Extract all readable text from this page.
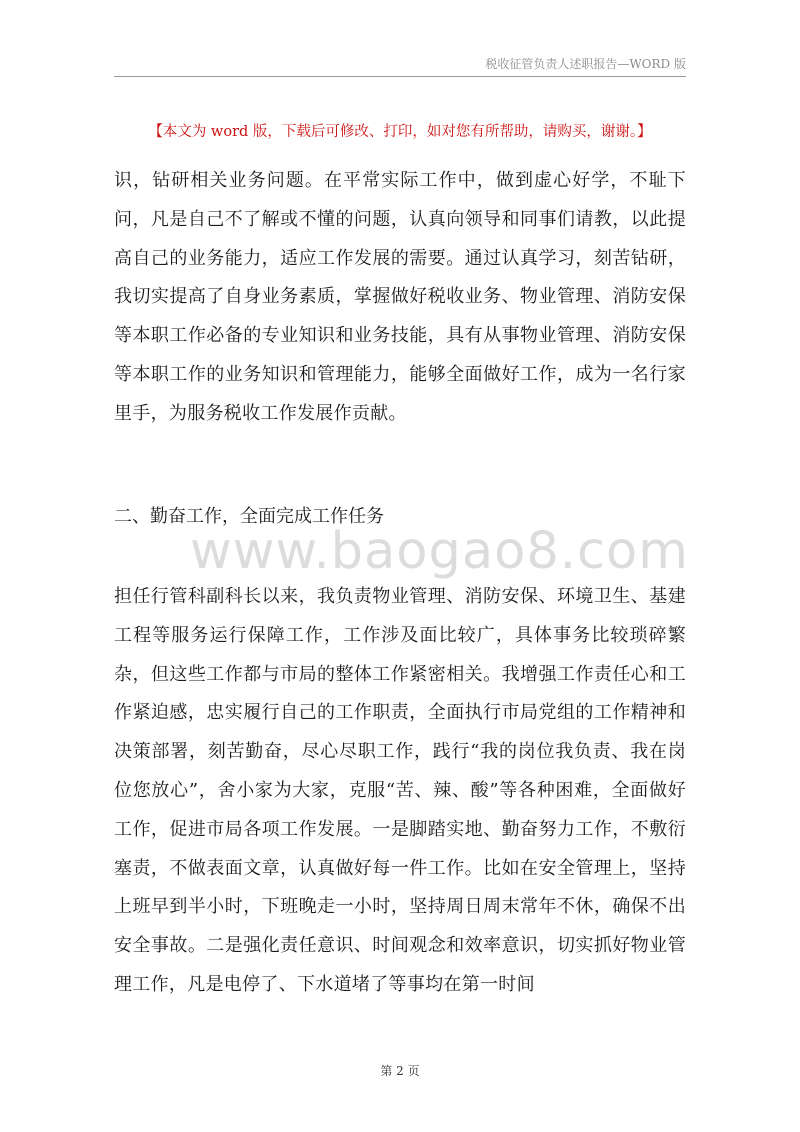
税收征管负责人述职报告—WORD 版
【本文为 word 版，下载后可修改、打印，如对您有所帮助，请购买，谢谢。】

识，钻研相关业务问题。在平常实际工作中，做到虚心好学，不耻下问，凡是自己不了解或不懂的问题，认真向领导和同事们请教，以此提高自己的业务能力，适应工作发展的需要。通过认真学习，刻苦钻研，我切实提高了自身业务素质，掌握做好税收业务、物业管理、消防安保等本职工作必备的专业知识和业务技能，具有从事物业管理、消防安保等本职工作的业务知识和管理能力，能够全面做好工作，成为一名行家里手，为服务税收工作发展作贡献。

二、勤奋工作，全面完成工作任务

www.baogao8.com

担任行管科副科长以来，我负责物业管理、消防安保、环境卫生、基建工程等服务运行保障工作，工作涉及面比较广，具体事务比较琐碎繁杂，但这些工作都与市局的整体工作紧密相关。我增强工作责任心和工作紧迫感，忠实履行自己的工作职责，全面执行市局党组的工作精神和决策部署，刻苦勤奋，尽心尽职工作，践行“我的岗位我负责、我在岗位您放心”，舍小家为大家，克服“苦、辣、酸”等各种困难，全面做好工作，促进市局各项工作发展。一是脚踏实地、勤奋努力工作，不敷衍塞责，不做表面文章，认真做好每一件工作。比如在安全管理上，坚持上班早到半小时，下班晚走一小时，坚持周日周末常年不休，确保不出安全事故。二是强化责任意识、时间观念和效率意识，切实抓好物业管理工作，凡是电停了、下水道堵了等事均在第一时间

第 2 页
